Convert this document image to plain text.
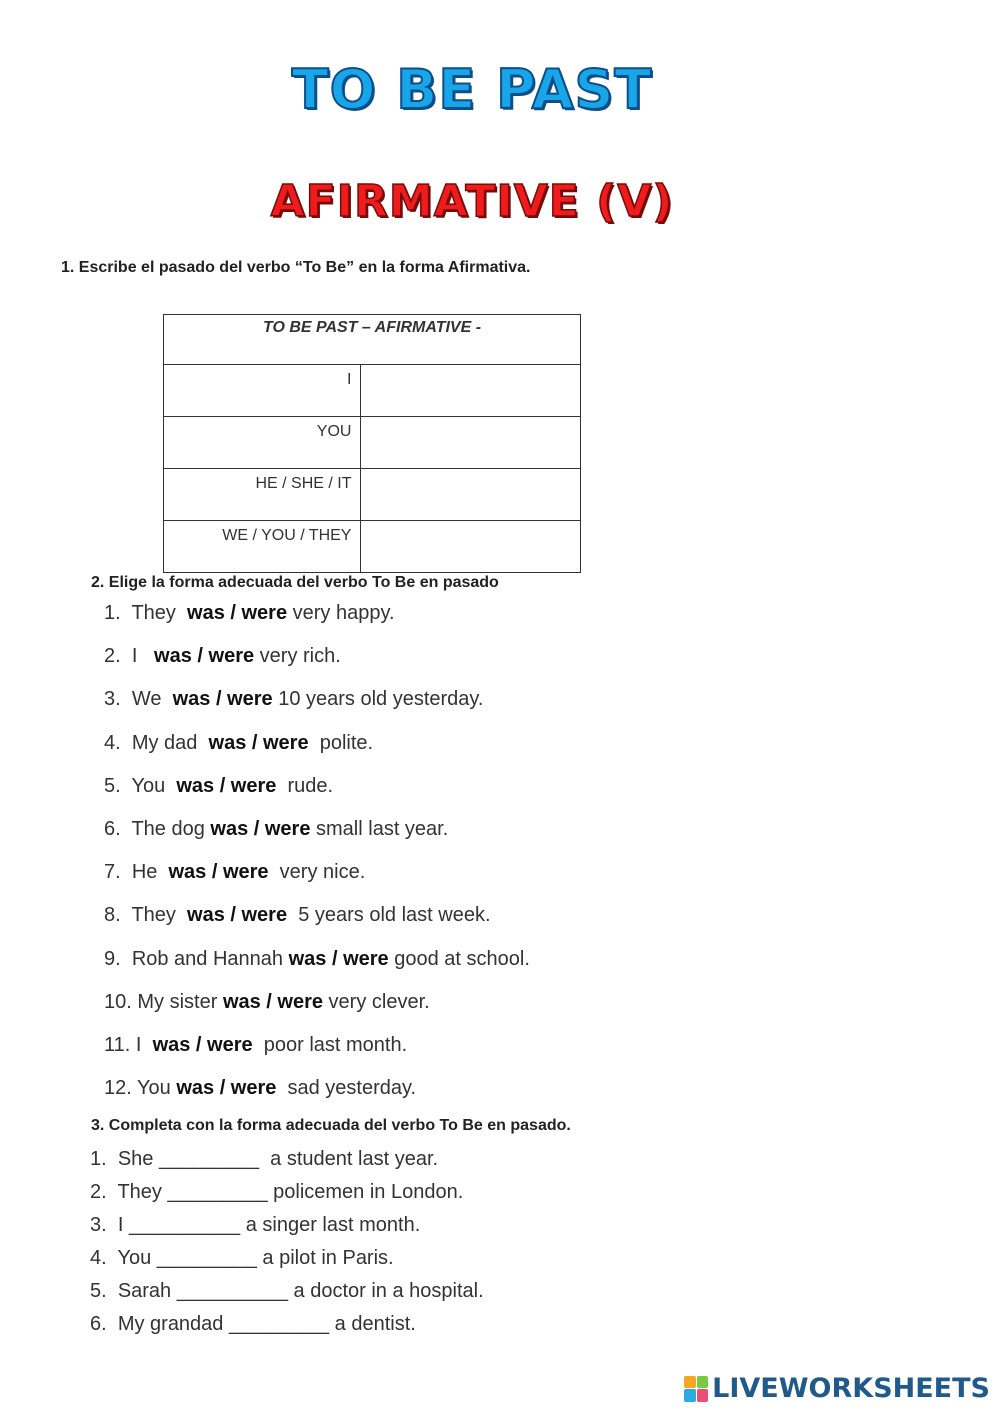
TO BE PAST
AFIRMATIVE (V)
1. Escribe el pasado del verbo “To Be” en la forma Afirmativa.
TO BE PAST – AFIRMATIVE -	
I	
YOU	
HE / SHE / IT	
WE / YOU / THEY	
2. Elige la forma adecuada del verbo To Be en pasado
1. They  was / were very happy.
2. I   was / were very rich.
3. We  was / were 10 years old yesterday.
4. My dad  was / were  polite.
5. You  was / were  rude.
6. The dog was / were small last year.
7. He  was / were  very nice.
8. They  was / were  5 years old last week.
9. Rob and Hannah was / were good at school.
10. My sister was / were very clever.
11. I  was / were  poor last month.
12. You was / were  sad yesterday.
3. Completa con la forma adecuada del verbo To Be en pasado.
1. She _________  a student last year.
2. They _________ policemen in London.
3. I __________ a singer last month.
4. You _________ a pilot in Paris.
5. Sarah __________ a doctor in a hospital.
6. My grandad _________ a dentist.
LIVEWORKSHEETS
